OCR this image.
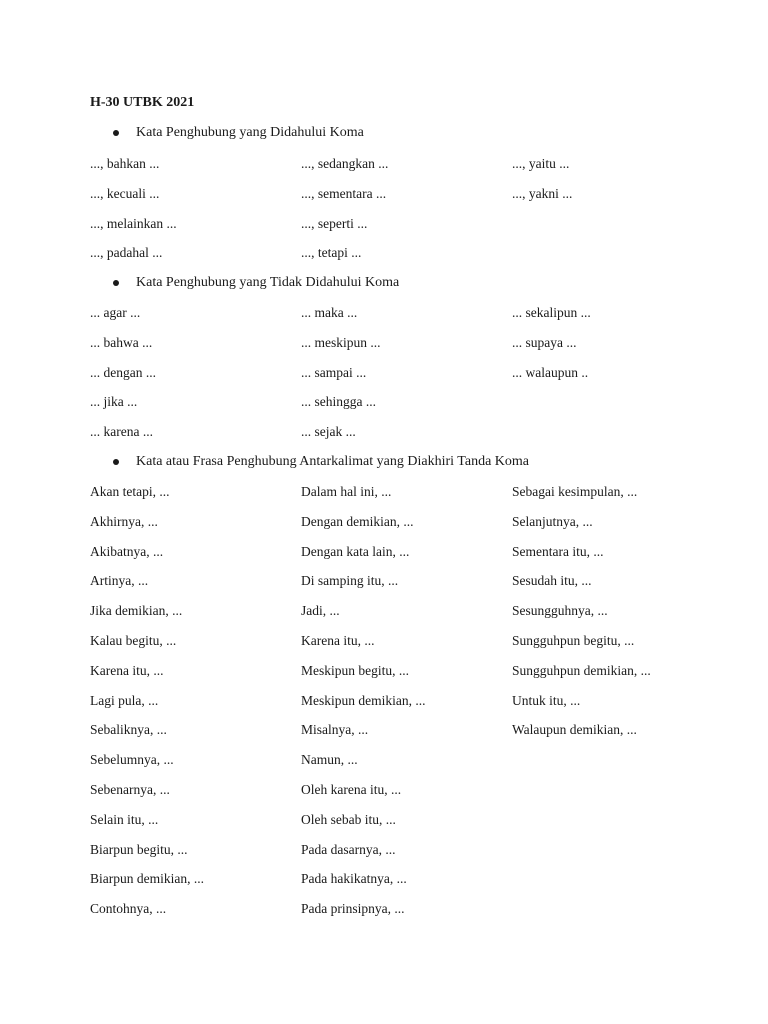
H-30 UTBK 2021
Kata Penghubung yang Didahului Koma
..., bahkan ...	..., sedangkan ...	..., yaitu ...
..., kecuali ...	..., sementara ...	..., yakni ...
..., melainkan ...	..., seperti ...
..., padahal ...	..., tetapi ...
Kata Penghubung yang Tidak Didahului Koma
... agar ...	... maka ...	... sekalipun ...
... bahwa ...	... meskipun ...	... supaya ...
... dengan ...	... sampai ...	... walaupun ..
... jika ...	... sehingga ...
... karena ...	... sejak ...
Kata atau Frasa Penghubung Antarkalimat yang Diakhiri Tanda Koma
Akan tetapi, ...	Dalam hal ini, ...	Sebagai kesimpulan, ...
Akhirnya, ...	Dengan demikian, ...	Selanjutnya, ...
Akibatnya, ...	Dengan kata lain, ...	Sementara itu, ...
Artinya, ...	Di samping itu, ...	Sesudah itu, ...
Jika demikian, ...	Jadi, ...	Sesungguhnya, ...
Kalau begitu, ...	Karena itu, ...	Sungguhpun begitu, ...
Karena itu, ...	Meskipun begitu, ...	Sungguhpun demikian, ...
Lagi pula, ...	Meskipun demikian, ...	Untuk itu, ...
Sebaliknya, ...	Misalnya, ...	Walaupun demikian, ...
Sebelumnya, ...	Namun, ...
Sebenarnya, ...	Oleh karena itu, ...
Selain itu, ...	Oleh sebab itu, ...
Biarpun begitu, ...	Pada dasarnya, ...
Biarpun demikian, ...	Pada hakikatnya, ...
Contohnya, ...	Pada prinsipnya, ...
